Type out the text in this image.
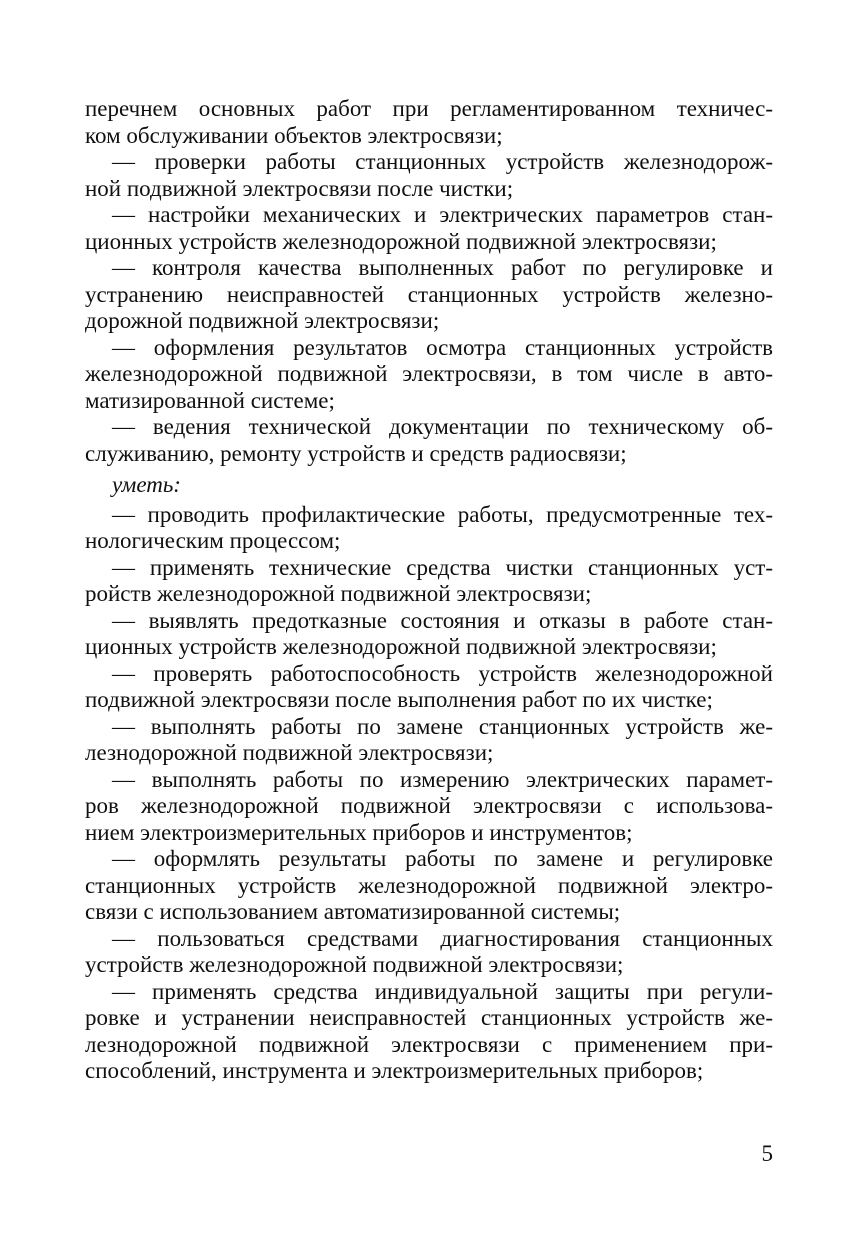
перечнем основных работ при регламентированном техничес-
ком обслуживании объектов электросвязи;
— проверки работы станционных устройств железнодорож-
ной подвижной электросвязи после чистки;
— настройки механических и электрических параметров стан-
ционных устройств железнодорожной подвижной электросвязи;
— контроля качества выполненных работ по регулировке и
устранению неисправностей станционных устройств железно-
дорожной подвижной электросвязи;
— оформления результатов осмотра станционных устройств
железнодорожной подвижной электросвязи, в том числе в авто-
матизированной системе;
— ведения технической документации по техническому об-
служиванию, ремонту устройств и средств радиосвязи;
уметь:
— проводить профилактические работы, предусмотренные тех-
нологическим процессом;
— применять технические средства чистки станционных уст-
ройств железнодорожной подвижной электросвязи;
— выявлять предотказные состояния и отказы в работе стан-
ционных устройств железнодорожной подвижной электросвязи;
— проверять работоспособность устройств железнодорожной
подвижной электросвязи после выполнения работ по их чистке;
— выполнять работы по замене станционных устройств же-
лезнодорожной подвижной электросвязи;
— выполнять работы по измерению электрических парамет-
ров железнодорожной подвижной электросвязи с использова-
нием электроизмерительных приборов и инструментов;
— оформлять результаты работы по замене и регулировке
станционных устройств железнодорожной подвижной электро-
связи с использованием автоматизированной системы;
— пользоваться средствами диагностирования станционных
устройств железнодорожной подвижной электросвязи;
— применять средства индивидуальной защиты при регули-
ровке и устранении неисправностей станционных устройств же-
лезнодорожной подвижной электросвязи с применением при-
способлений, инструмента и электроизмерительных приборов;
5
